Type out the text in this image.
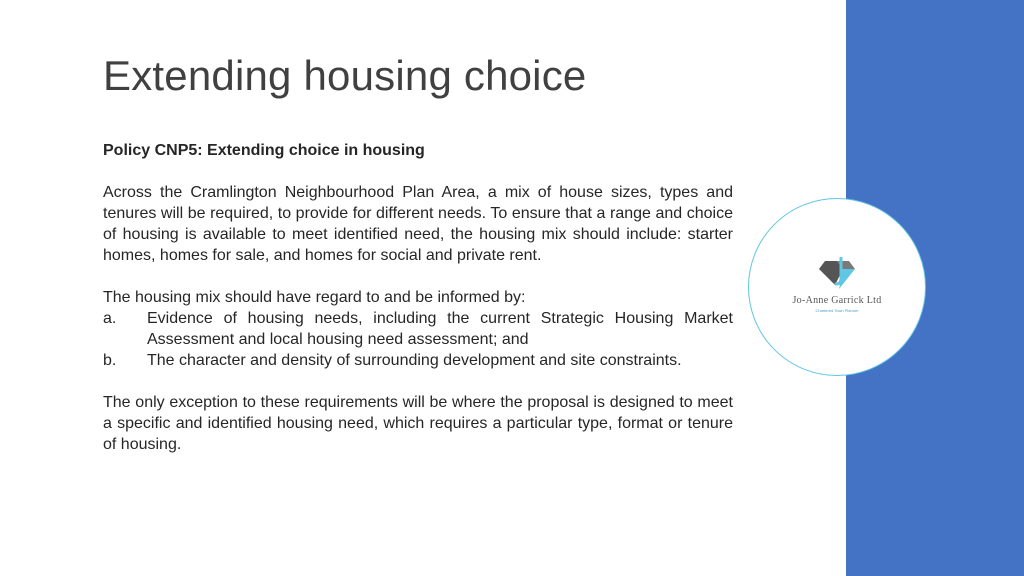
Extending housing choice

Policy CNP5: Extending choice in housing

Across the Cramlington Neighbourhood Plan Area, a mix of house sizes, types and tenures will be required, to provide for different needs. To ensure that a range and choice of housing is available to meet identified need, the housing mix should include: starter homes, homes for sale, and homes for social and private rent.

The housing mix should have regard to and be informed by:

a.	Evidence of housing needs, including the current Strategic Housing Market Assessment and local housing need assessment; and
b.	The character and density of surrounding development and site constraints.

The only exception to these requirements will be where the proposal is designed to meet a specific and identified housing need, which requires a particular type, format or tenure of housing.

Jo-Anne Garrick Ltd
Chartered Town Planner
